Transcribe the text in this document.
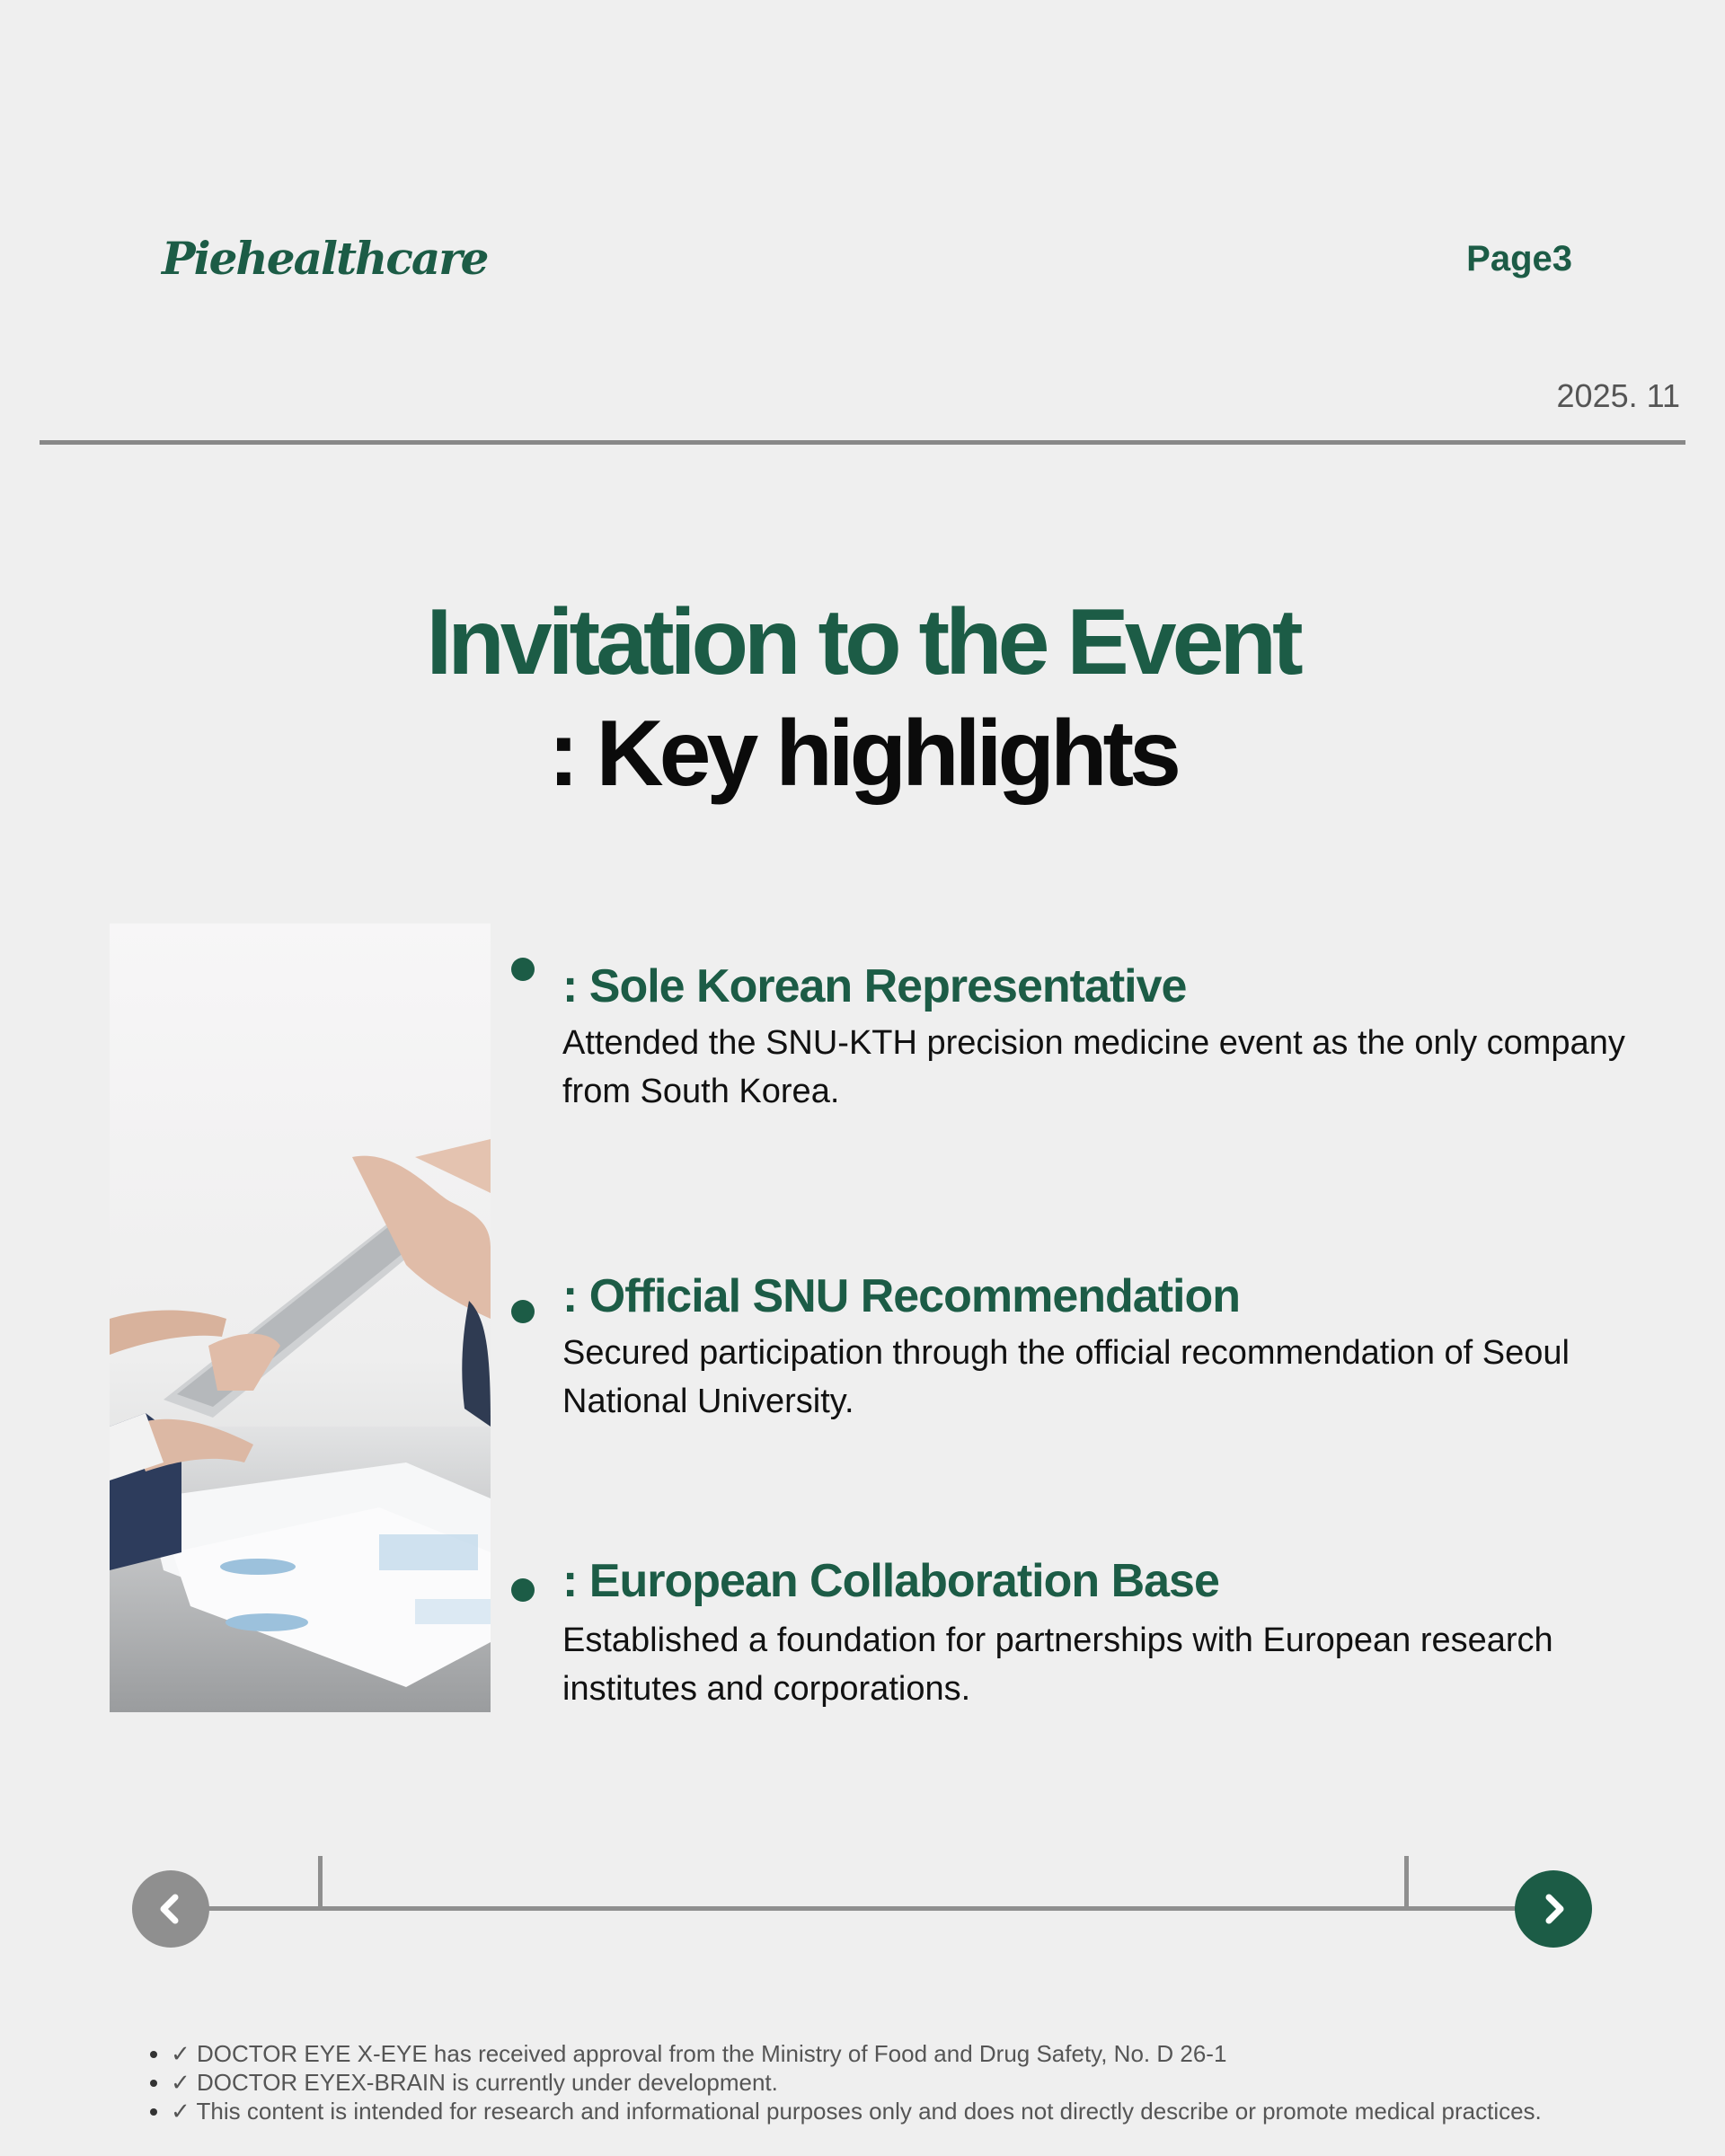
Piehealthcare	Page3
2025. 11
Invitation to the Event
: Key highlights
: Sole Korean Representative
Attended the SNU-KTH precision medicine event as the only company from South Korea.
: Official SNU Recommendation
Secured participation through the official recommendation of Seoul National University.
: European Collaboration Base
Established a foundation for partnerships with European research institutes and corporations.
• ✓ DOCTOR EYE X-EYE has received approval from the Ministry of Food and Drug Safety, No. D 26-1
• ✓ DOCTOR EYEX-BRAIN is currently under development.
• ✓ This content is intended for research and informational purposes only and does not directly describe or promote medical practices.
